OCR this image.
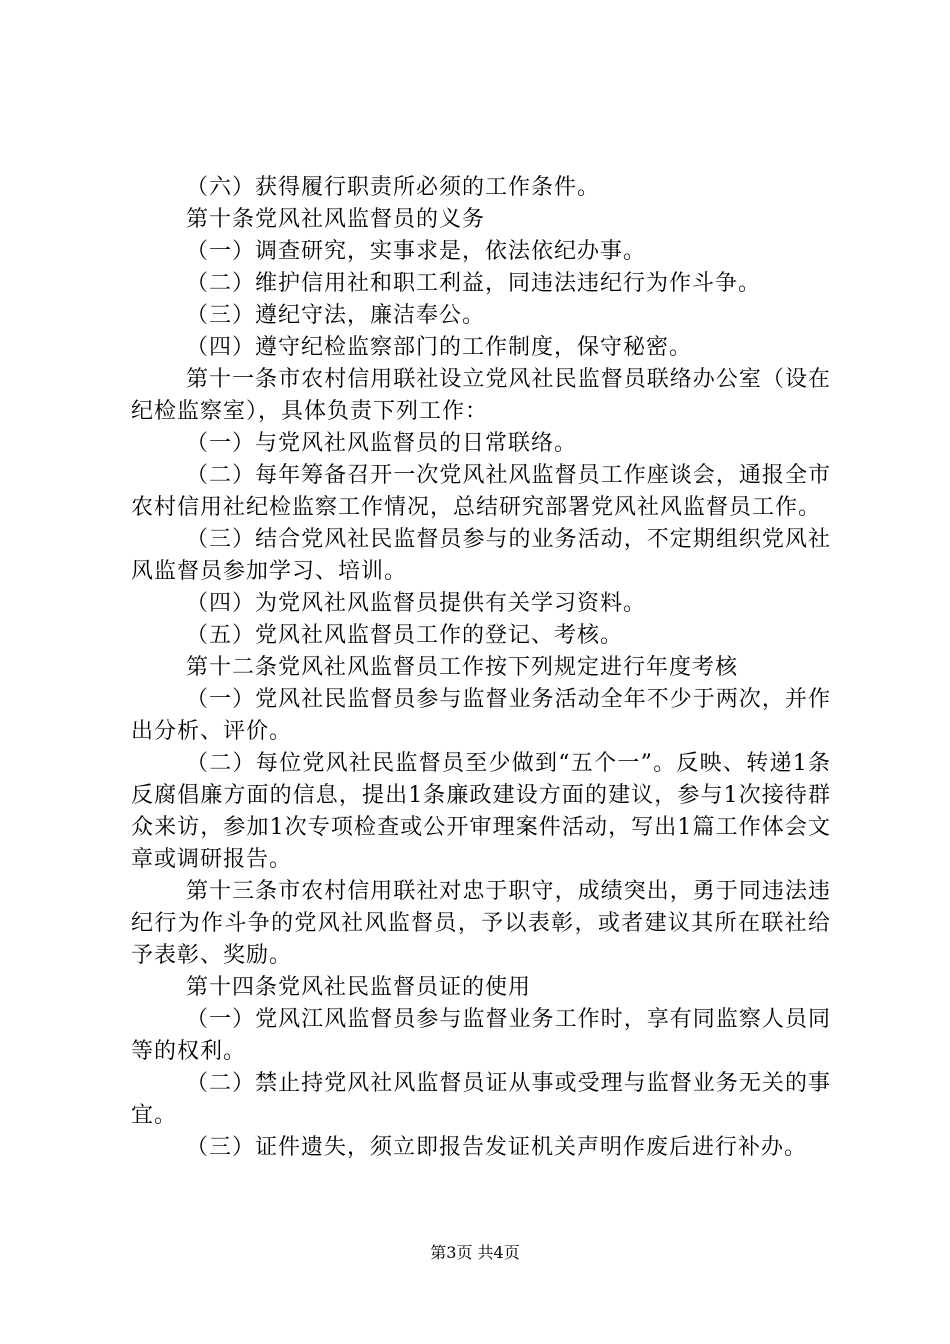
（六）获得履行职责所必须的工作条件。

第十条党风社风监督员的义务

（一）调查研究，实事求是，依法依纪办事。

（二）维护信用社和职工利益，同违法违纪行为作斗争。

（三）遵纪守法，廉洁奉公。

（四）遵守纪检监察部门的工作制度，保守秘密。

第十一条市农村信用联社设立党风社民监督员联络办公室（设在纪检监察室），具体负责下列工作：

（一）与党风社风监督员的日常联络。

（二）每年筹备召开一次党风社风监督员工作座谈会，通报全市农村信用社纪检监察工作情况，总结研究部署党风社风监督员工作。

（三）结合党风社民监督员参与的业务活动，不定期组织党风社风监督员参加学习、培训。

（四）为党风社风监督员提供有关学习资料。

（五）党风社风监督员工作的登记、考核。

第十二条党风社风监督员工作按下列规定进行年度考核

（一）党风社民监督员参与监督业务活动全年不少于两次，并作出分析、评价。

（二）每位党风社民监督员至少做到“五个一”。反映、转递1条反腐倡廉方面的信息，提出1条廉政建设方面的建议，参与1次接待群众来访，参加1次专项检查或公开审理案件活动，写出1篇工作体会文章或调研报告。

第十三条市农村信用联社对忠于职守，成绩突出，勇于同违法违纪行为作斗争的党风社风监督员，予以表彰，或者建议其所在联社给予表彰、奖励。

第十四条党风社民监督员证的使用

（一）党风江风监督员参与监督业务工作时，享有同监察人员同等的权利。

（二）禁止持党风社风监督员证从事或受理与监督业务无关的事宜。

（三）证件遗失，须立即报告发证机关声明作废后进行补办。

第3页 共4页
